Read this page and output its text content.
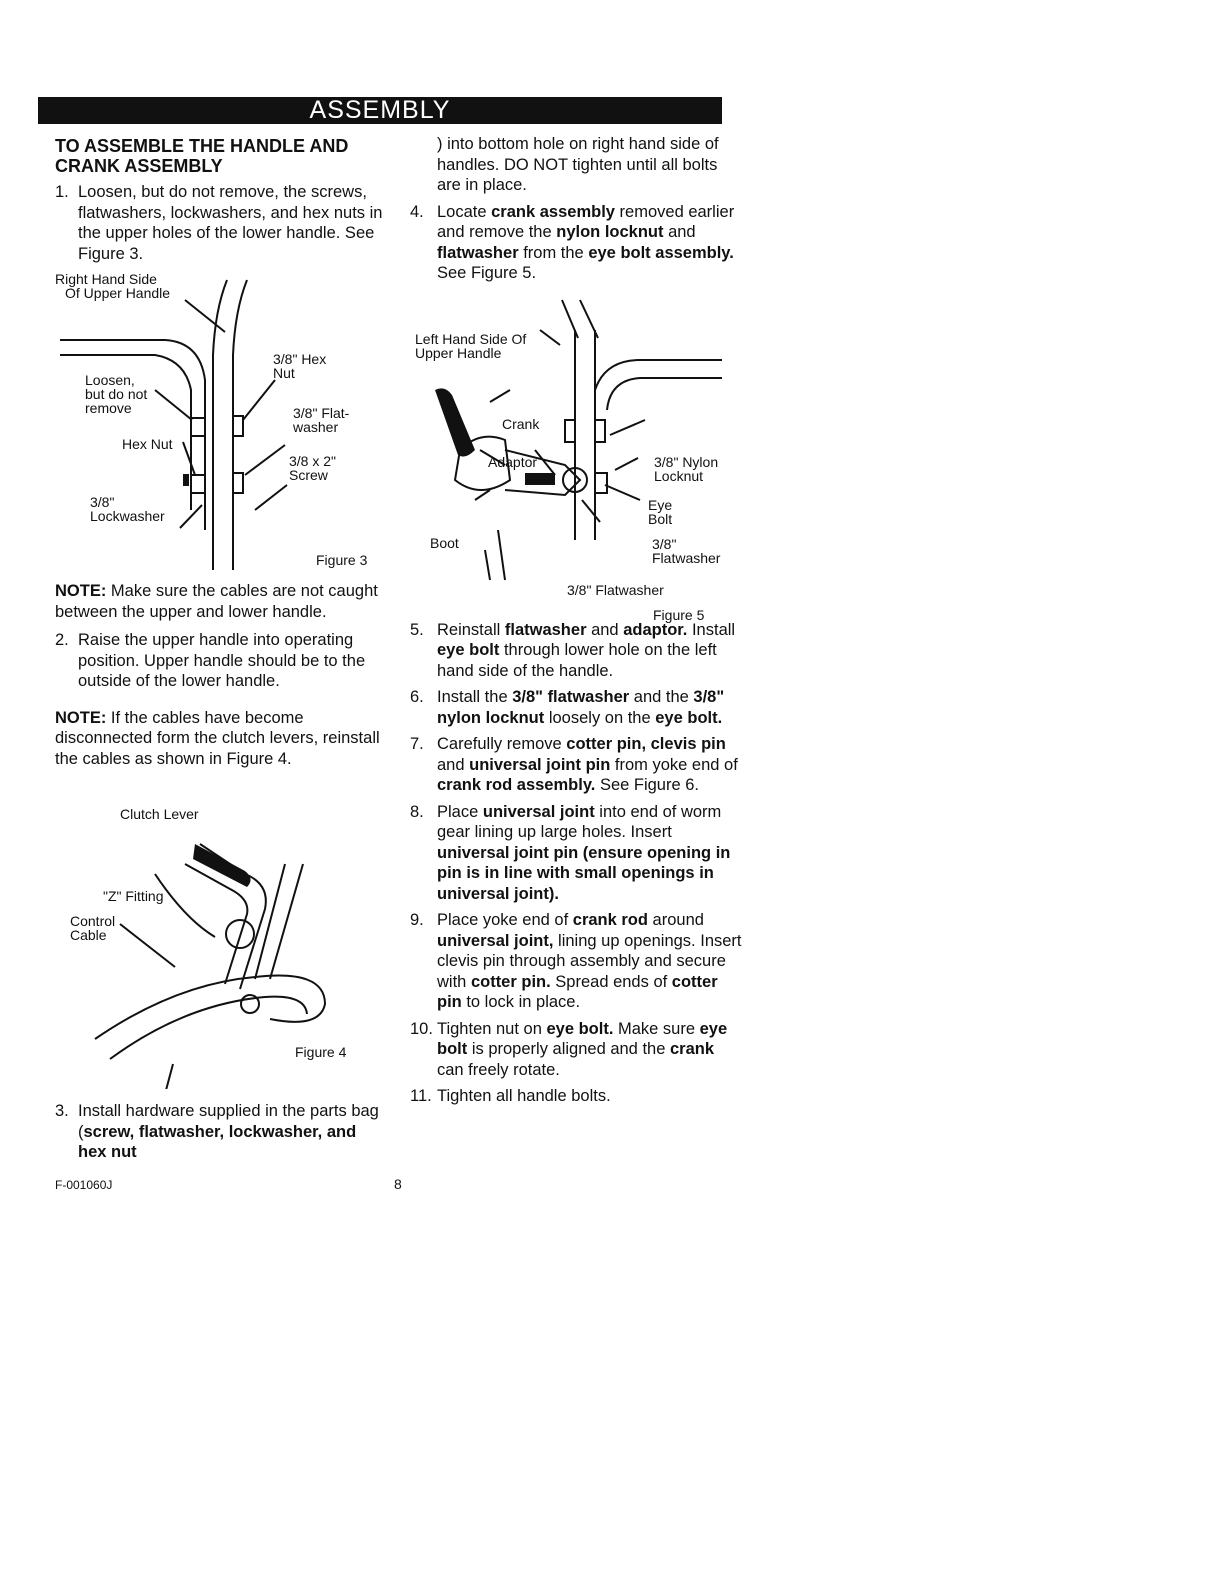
ASSEMBLY
TO ASSEMBLE THE HANDLE AND CRANK ASSEMBLY
1. Loosen, but do not remove, the screws, flatwashers, lockwashers, and hex nuts in the upper holes of the lower handle. See Figure 3.
Right Hand Side
Of Upper Handle
Loosen,
but do not
remove
Hex Nut
3/8"
Lockwasher
3/8" Hex
Nut
3/8" Flat-
washer
3/8 x 2"
Screw
Figure 3

NOTE: Make sure the cables are not caught between the upper and lower handle.

2. Raise the upper handle into operating position. Upper handle should be to the outside of the lower handle.

NOTE: If the cables have become disconnected form the clutch levers, reinstall the cables as shown in Figure 4.

Clutch Lever
"Z" Fitting
Control
Cable
Figure 4
3. Install hardware supplied in the parts bag (screw, flatwasher, lockwasher, and hex nut
) into bottom hole on right hand side of handles. DO NOT tighten until all bolts are in place.
4. Locate crank assembly removed earlier and remove the nylon locknut and flatwasher from the eye bolt assembly. See Figure 5.
Left Hand Side Of
Upper Handle
Crank
Adaptor
Boot
3/8" Nylon
Locknut
Eye
Bolt
3/8"
Flatwasher
3/8" Flatwasher
Figure 5
5. Reinstall flatwasher and adaptor. Install eye bolt through lower hole on the left hand side of the handle.
6. Install the 3/8" flatwasher and the 3/8" nylon locknut loosely on the eye bolt.
7. Carefully remove cotter pin, clevis pin and universal joint pin from yoke end of crank rod assembly. See Figure 6.
8. Place universal joint into end of worm gear lining up large holes. Insert universal joint pin (ensure opening in pin is in line with small openings in universal joint).
9. Place yoke end of crank rod around universal joint, lining up openings. Insert clevis pin through assembly and secure with cotter pin. Spread ends of cotter pin to lock in place.
10. Tighten nut on eye bolt. Make sure eye bolt is properly aligned and the crank can freely rotate.
11. Tighten all handle bolts.
F-001060J	8
